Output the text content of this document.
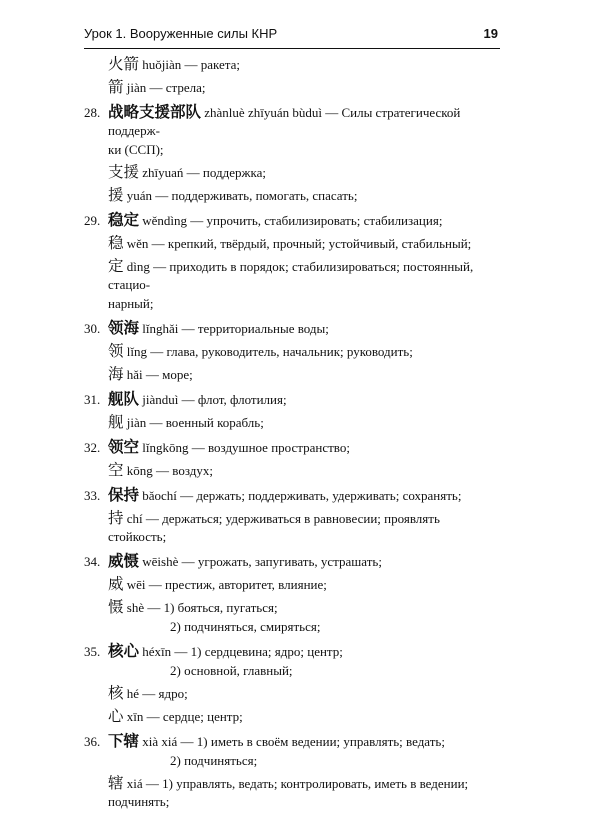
Урок 1. Вооруженные силы КНР	19
火箭 huǒjiàn — ракета;
箭 jiàn — стрела;
28. 战略支援部队 zhànluè zhīyuán bùduì — Силы стратегической поддерж-
ки (ССП);
支援 zhīyuań — поддержка;
援 yuán — поддерживать, помогать, спасать;
29. 稳定 wěndìng — упрочить, стабилизировать; стабилизация;
稳 wěn — крепкий, твёрдый, прочный; устойчивый, стабильный;
定 dìng — приходить в порядок; стабилизироваться; постоянный, стацио-
нарный;
30. 领海 lǐnghǎi — территориальные воды;
领 lǐng — глава, руководитель, начальник; руководить;
海 hǎi — море;
31. 舰队 jiànduì — флот, флотилия;
舰 jiàn — военный корабль;
32. 领空 lǐngkōng — воздушное пространство;
空 kōng — воздух;
33. 保持 bǎochí — держать; поддерживать, удерживать; сохранять;
持 chí — держаться; удерживаться в равновесии; проявлять стойкость;
34. 威慑 wēishè — угрожать, запугивать, устрашать;
威 wēi — престиж, авторитет, влияние;
慑 shè — 1) бояться, пугаться;
2) подчиняться, смиряться;
35. 核心 héxīn — 1) сердцевина; ядро; центр;
2) основной, главный;
核 hé — ядро;
心 xīn — сердце; центр;
36. 下辖 xià xiá — 1) иметь в своём ведении; управлять; ведать;
2) подчиняться;
辖 xiá — 1) управлять, ведать; контролировать, иметь в ведении; подчинять;
